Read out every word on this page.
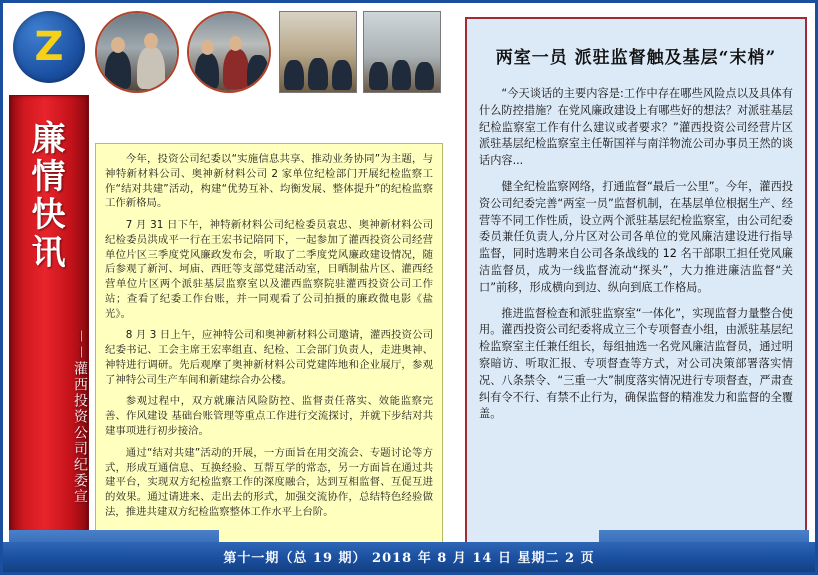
Z
廉情快讯
－－灌西投资公司纪委宣

今年，投资公司纪委以“实施信息共享、推动业务协同”为主题，与神特新材料公司、奥神新材料公司 2 家单位纪检部门开展纪检监察工作“结对共建”活动，构建“优势互补、均衡发展、整体提升”的纪检监察工作新格局。

7 月 31 日下午，神特新材料公司纪检委员袁忠、奥神新材料公司纪检委员洪成平一行在王宏书记陪同下，一起参加了灌西投资公司经营单位片区三季度党风廉政发布会，听取了二季度党风廉政建设情况，随后参观了新河、坷庙、西旺等支部党建活动室，日晒制盐片区、灌西经营单位片区两个派驻基层监察室以及灌西监察院驻灌西投资公司工作站；查看了纪委工作台账，并一同观看了公司拍摄的廉政微电影《盐光》。

8 月 3 日上午，应神特公司和奥神新材料公司邀请，灌西投资公司纪委书记、工会主席王宏率组直、纪检、工会部门负责人，走进奥神、神特进行调研。先后观摩了奥神新材料公司党建阵地和企业展厅，参观了神特公司生产车间和新建综合办公楼。

参观过程中，双方就廉洁风险防控、监督责任落实、效能监察完善、作风建设 基础台账管理等重点工作进行交流探讨，并就下步结对共建事项进行初步接洽。

通过“结对共建”活动的开展，一方面旨在用交流会、专题讨论等方式，形成互通信息、互换经验、互帮互学的常态，另一方面旨在通过共建平台，实现双方纪检监察工作的深度融合，达到互相监督、互促互进的效果。通过请进来、走出去的形式，加强交流协作，总结特色经验做法，推进共建双方纪检监察整体工作水平上台阶。

两室一员 派驻监督触及基层“末梢”

“今天谈话的主要内容是:工作中存在哪些风险点以及具体有什么防控措施？在党风廉政建设上有哪些好的想法？对派驻基层纪检监察室工作有什么建议或者要求？”灌西投资公司经营片区派驻基层纪检监察室主任靳国祥与南洋物流公司办事员王然的谈话内容...

健全纪检监察网络，打通监督“最后一公里”。今年，灌西投资公司纪委完善“两室一员”监督机制，在基层单位根据生产、经营等不同工作性质，设立两个派驻基层纪检监察室，由公司纪委委员兼任负责人,分片区对公司各单位的党风廉洁建设进行指导监督，同时选聘来自公司各条战线的 12 名干部职工担任党风廉洁监督员，成为一线监督流动“探头”，大力推进廉洁监督“关口”前移，形成横向到边、纵向到底工作格局。

推进监督检查和派驻监察室“一体化”，实现监督力量整合使用。灌西投资公司纪委将成立三个专项督查小组，由派驻基层纪检监察室主任兼任组长，每组抽选一名党风廉洁监督员，通过明察暗访、听取汇报、专项督查等方式，对公司决策部署落实情况、八条禁令、“三重一大”制度落实情况进行专项督查，严肃查纠有令不行、有禁不止行为，确保监督的精准发力和监督的全覆盖。

第十一期（总 19 期） 2018 年 8 月 14 日 星期二 2 页
